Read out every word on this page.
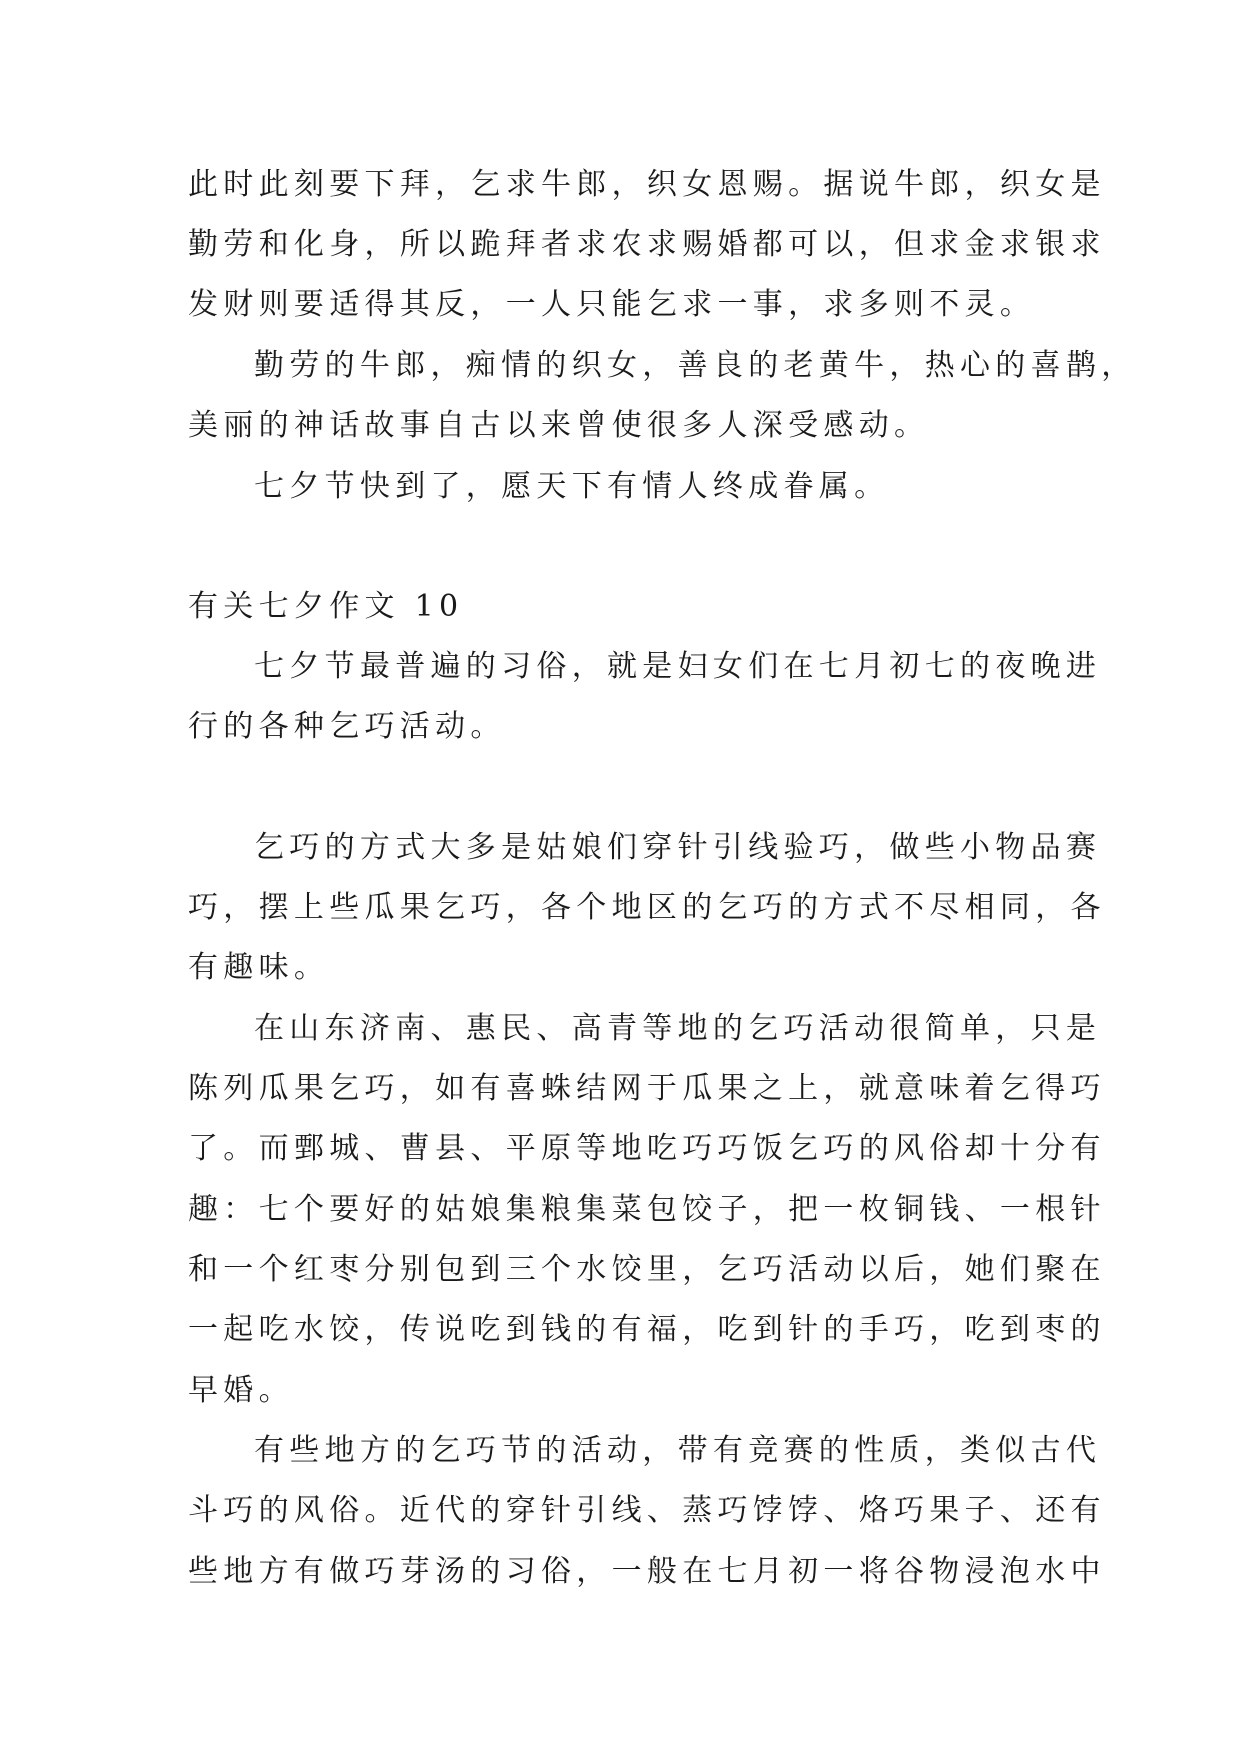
此时此刻要下拜，乞求牛郎，织女恩赐。据说牛郎，织女是
勤劳和化身，所以跪拜者求农求赐婚都可以，但求金求银求
发财则要适得其反，一人只能乞求一事，求多则不灵。
勤劳的牛郎，痴情的织女，善良的老黄牛，热心的喜鹊，
美丽的神话故事自古以来曾使很多人深受感动。
七夕节快到了，愿天下有情人终成眷属。
有关七夕作文 10
七夕节最普遍的习俗，就是妇女们在七月初七的夜晚进
行的各种乞巧活动。
乞巧的方式大多是姑娘们穿针引线验巧，做些小物品赛
巧，摆上些瓜果乞巧，各个地区的乞巧的方式不尽相同，各
有趣味。
在山东济南、惠民、高青等地的乞巧活动很简单，只是
陈列瓜果乞巧，如有喜蛛结网于瓜果之上，就意味着乞得巧
了。而鄄城、曹县、平原等地吃巧巧饭乞巧的风俗却十分有
趣：七个要好的姑娘集粮集菜包饺子，把一枚铜钱、一根针
和一个红枣分别包到三个水饺里，乞巧活动以后，她们聚在
一起吃水饺，传说吃到钱的有福，吃到针的手巧，吃到枣的
早婚。
有些地方的乞巧节的活动，带有竞赛的性质，类似古代
斗巧的风俗。近代的穿针引线、蒸巧饽饽、烙巧果子、还有
些地方有做巧芽汤的习俗，一般在七月初一将谷物浸泡水中
